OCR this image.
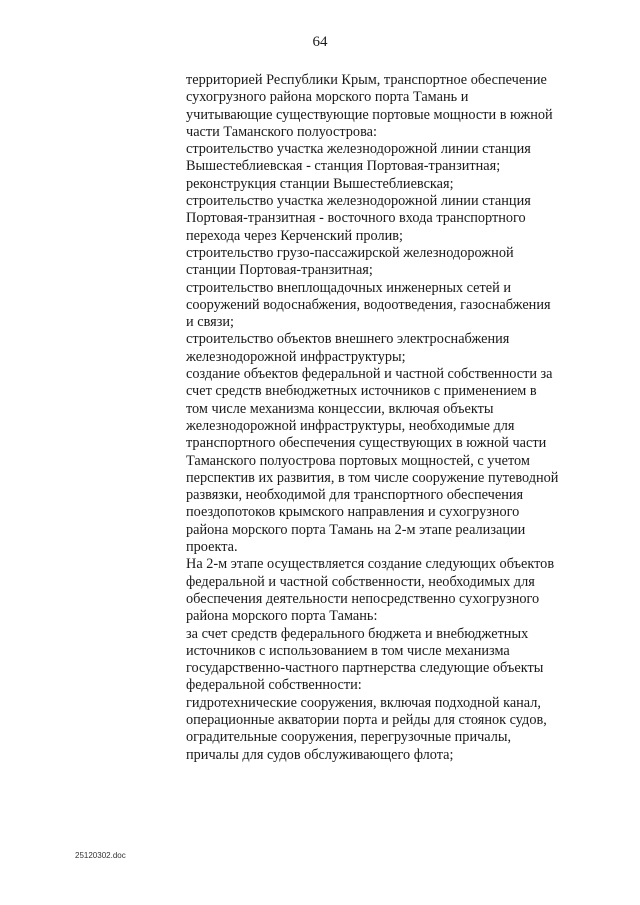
64
территорией Республики Крым, транспортное обеспечение
сухогрузного района морского порта Тамань и
учитывающие существующие портовые мощности в южной
части Таманского полуострова:
строительство участка железнодорожной линии станция
Вышестеблиевская - станция Портовая-транзитная;
реконструкция станции Вышестеблиевская;
строительство участка железнодорожной линии станция
Портовая-транзитная - восточного входа транспортного
перехода через Керченский пролив;
строительство грузо-пассажирской железнодорожной
станции Портовая-транзитная;
строительство внеплощадочных инженерных сетей и
сооружений водоснабжения, водоотведения, газоснабжения
и связи;
строительство объектов внешнего электроснабжения
железнодорожной инфраструктуры;
создание объектов федеральной и частной собственности за
счет средств внебюджетных источников с применением в
том числе механизма концессии, включая объекты
железнодорожной инфраструктуры, необходимые для
транспортного обеспечения существующих в южной части
Таманского полуострова портовых мощностей, с учетом
перспектив их развития, в том числе сооружение путеводной
развязки, необходимой для транспортного обеспечения
поездопотоков крымского направления и сухогрузного
района морского порта Тамань на 2-м этапе реализации
проекта.
На 2-м этапе осуществляется создание следующих объектов
федеральной и частной собственности, необходимых для
обеспечения деятельности непосредственно сухогрузного
района морского порта Тамань:
за счет средств федерального бюджета и внебюджетных
источников с использованием в том числе механизма
государственно-частного партнерства следующие объекты
федеральной собственности:
гидротехнические сооружения, включая подходной канал,
операционные акватории порта и рейды для стоянок судов,
оградительные сооружения, перегрузочные причалы,
причалы для судов обслуживающего флота;
25120302.doc
